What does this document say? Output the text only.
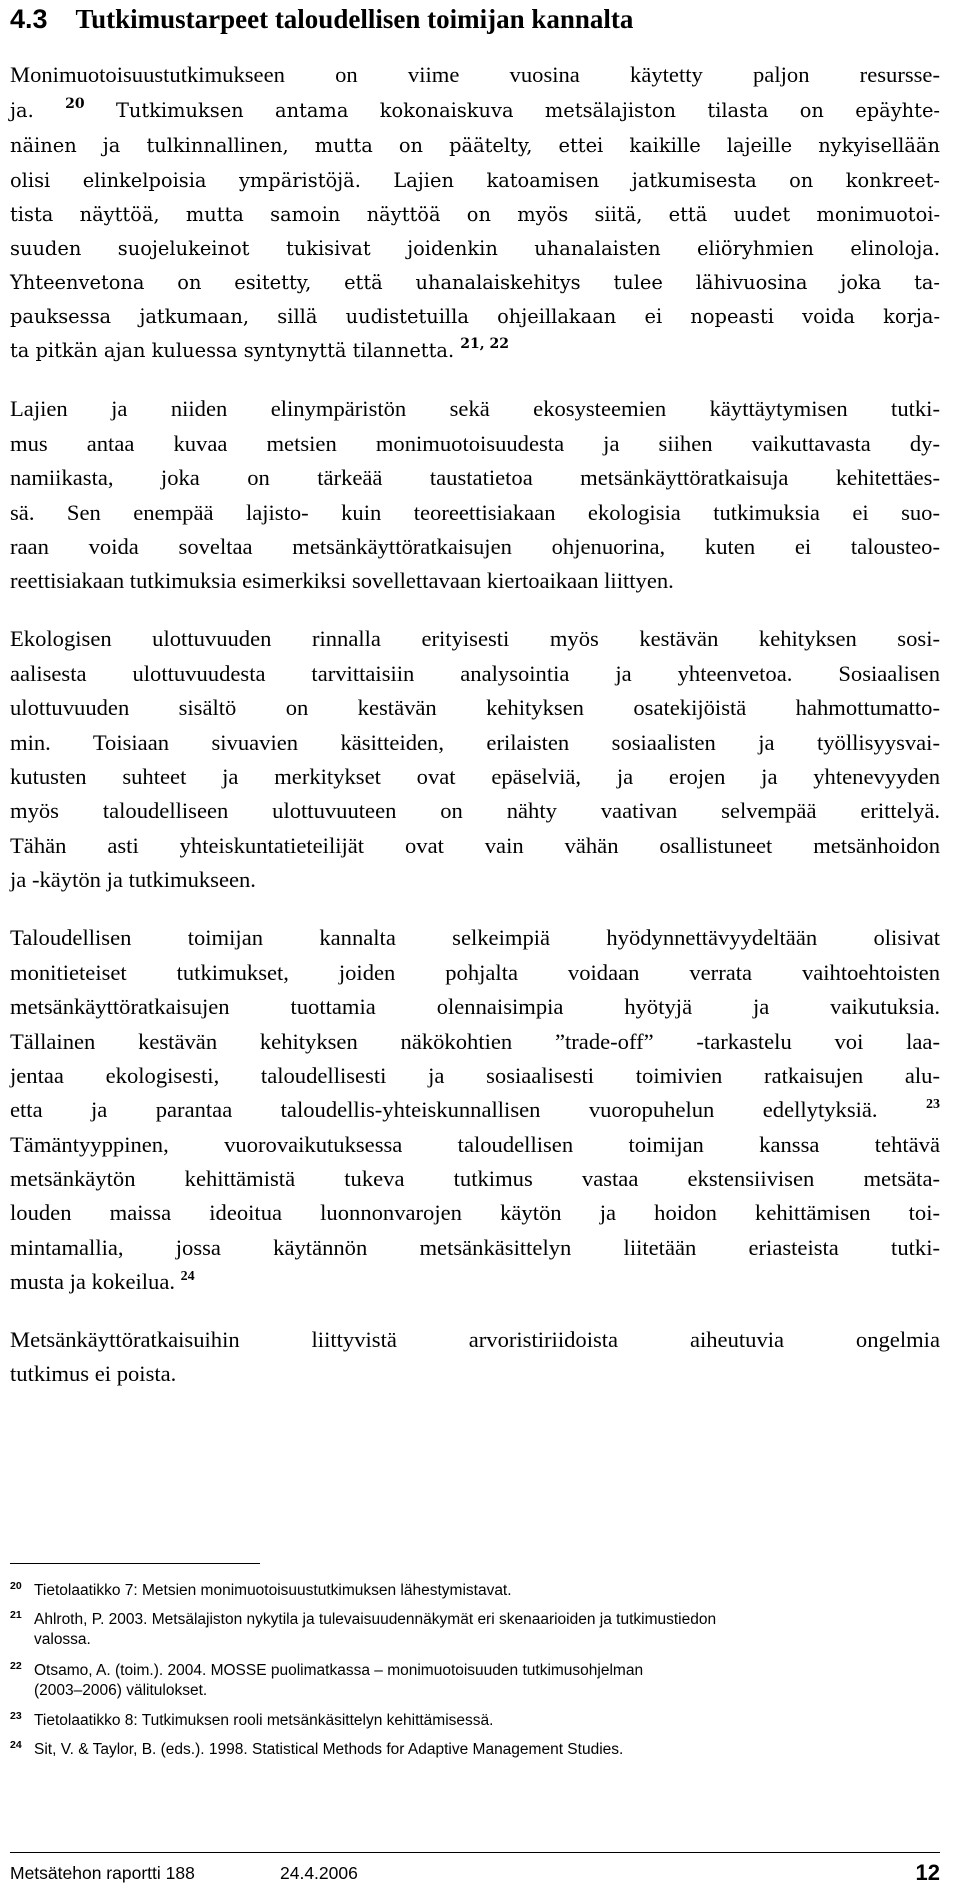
4.3 Tutkimustarpeet taloudellisen toimijan kannalta
Monimuotoisuustutkimukseen on viime vuosina käytetty paljon resursse-
ja. $^{20}$ Tutkimuksen antama kokonaiskuva metsälajiston tilasta on epäyhte-
näinen ja tulkinnallinen, mutta on päätelty, ettei kaikille lajeille nykyisellään
olisi elinkelpoisia ympäristöjä. Lajien katoamisen jatkumisesta on konkreet-
tista näyttöä, mutta samoin näyttöä on myös siitä, että uudet monimuotoi-
suuden suojelukeinot tukisivat joidenkin uhanalaisten eliöryhmien elinoloja.
Yhteenvetona on esitetty, että uhanalaiskehitys tulee lähivuosina joka ta-
pauksessa jatkumaan, sillä uudistetuilla ohjeillakaan ei nopeasti voida korja-
ta pitkän ajan kuluessa syntynyttä tilannetta. $^{21, 22}$
Lajien ja niiden elinympäristön sekä ekosysteemien käyttäytymisen tutki-
mus antaa kuvaa metsien monimuotoisuudesta ja siihen vaikuttavasta dy-
namiikasta, joka on tärkeää taustatietoa metsänkäyttöratkaisuja kehitettäes-
sä. Sen enempää lajisto- kuin teoreettisiakaan ekologisia tutkimuksia ei suo-
raan voida soveltaa metsänkäyttöratkaisujen ohjenuorina, kuten ei talousteo-
reettisiakaan tutkimuksia esimerkiksi sovellettavaan kiertoaikaan liittyen.
Ekologisen ulottuvuuden rinnalla erityisesti myös kestävän kehityksen sosi-
aalisesta ulottuvuudesta tarvittaisiin analysointia ja yhteenvetoa. Sosiaalisen
ulottuvuuden sisältö on kestävän kehityksen osatekijöistä hahmottumatto-
min. Toisiaan sivuavien käsitteiden, erilaisten sosiaalisten ja työllisyysvai-
kutusten suhteet ja merkitykset ovat epäselviä, ja erojen ja yhtenevyyden
myös taloudelliseen ulottuvuuteen on nähty vaativan selvempää erittelyä.
Tähän asti yhteiskuntatieteilijät ovat vain vähän osallistuneet metsänhoidon
ja -käytön ja tutkimukseen.
Taloudellisen toimijan kannalta selkeimpiä hyödynnettävyydeltään olisivat
monitieteiset tutkimukset, joiden pohjalta voidaan verrata vaihtoehtoisten
metsänkäyttöratkaisujen tuottamia olennaisimpia hyötyjä ja vaikutuksia.
Tällainen kestävän kehityksen näkökohtien ”trade-off” -tarkastelu voi laa-
jentaa ekologisesti, taloudellisesti ja sosiaalisesti toimivien ratkaisujen alu-
etta ja parantaa taloudellis-yhteiskunnallisen vuoropuhelun edellytyksiä. $^{23}$
Tämäntyyppinen, vuorovaikutuksessa taloudellisen toimijan kanssa tehtävä
metsänkäytön kehittämistä tukeva tutkimus vastaa ekstensiivisen metsäta-
louden maissa ideoitua luonnonvarojen käytön ja hoidon kehittämisen toi-
mintamallia, jossa käytännön metsänkäsittelyn liitetään eriasteista tutki-
musta ja kokeilua. $^{24}$
Metsänkäyttöratkaisuihin liittyvistä arvoristiriidoista aiheutuvia ongelmia
tutkimus ei poista.
20 Tietolaatikko 7: Metsien monimuotoisuustutkimuksen lähestymistavat.
21 Ahlroth, P. 2003. Metsälajiston nykytila ja tulevaisuudennäkymät eri skenaarioiden ja tutkimustiedon
valossa.
22 Otsamo, A. (toim.). 2004. MOSSE puolimatkassa – monimuotoisuuden tutkimusohjelman
(2003–2006) välitulokset.
23 Tietolaatikko 8: Tutkimuksen rooli metsänkäsittelyn kehittämisessä.
24 Sit, V. & Taylor, B. (eds.). 1998. Statistical Methods for Adaptive Management Studies.
Metsätehon raportti 188	24.4.2006	12
